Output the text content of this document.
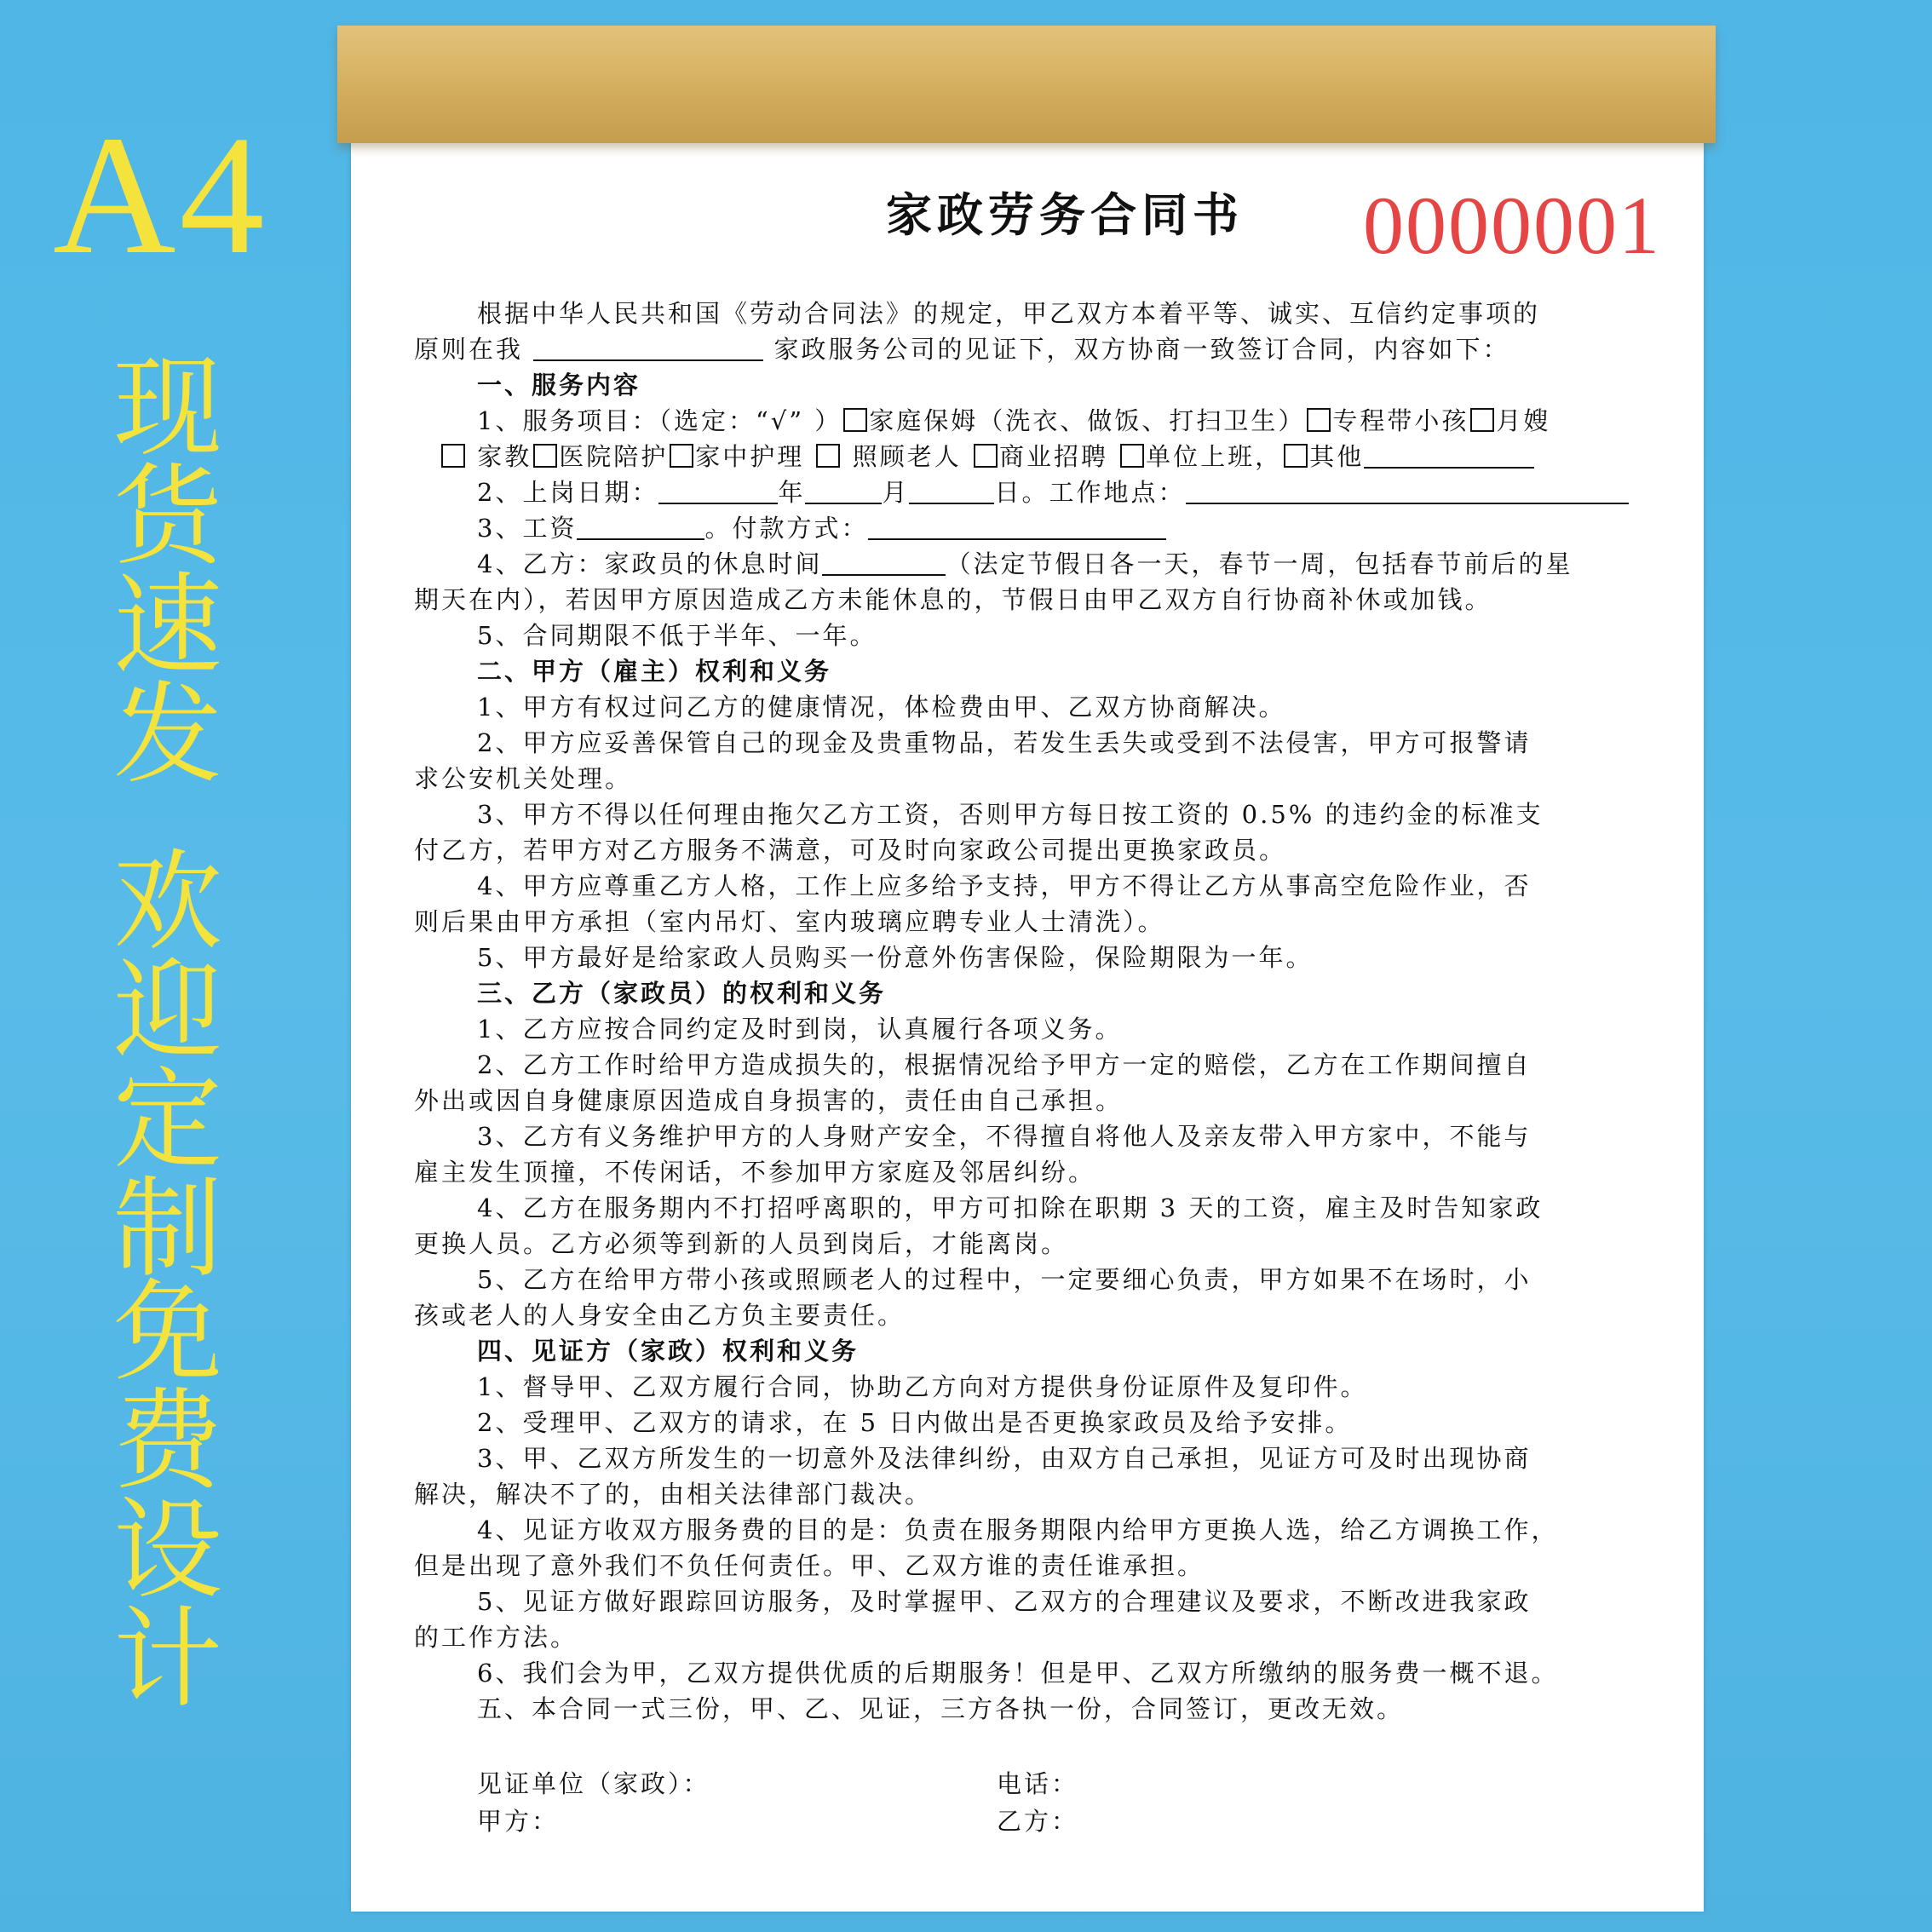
A4
现货速发
欢迎定制
免费设计
家政劳务合同书 0000001
根据中华人民共和国《劳动合同法》的规定，甲乙双方本着平等、诚实、互信约定事项的
原则在我	家政服务公司的见证下，双方协商一致签订合同，内容如下：
一、服务内容
1、服务项目：（选定：“√” ） 家庭保姆（洗衣、做饭、打扫卫生） 专程带小孩 月嫂
家教 医院陪护 家中护理 照顾老人 商业招聘 单位上班， 其他
2、上岗日期：	年	月	日。工作地点：
3、工资	。付款方式：
4、乙方：家政员的休息时间	（法定节假日各一天，春节一周，包括春节前后的星
期天在内），若因甲方原因造成乙方未能休息的，节假日由甲乙双方自行协商补休或加钱。
5、合同期限不低于半年、一年。
二、甲方（雇主）权利和义务
1、甲方有权过问乙方的健康情况，体检费由甲、乙双方协商解决。
2、甲方应妥善保管自己的现金及贵重物品，若发生丢失或受到不法侵害，甲方可报警请
求公安机关处理。
3、甲方不得以任何理由拖欠乙方工资，否则甲方每日按工资的 0.5% 的违约金的标准支
付乙方，若甲方对乙方服务不满意，可及时向家政公司提出更换家政员。
4、甲方应尊重乙方人格，工作上应多给予支持，甲方不得让乙方从事高空危险作业，否
则后果由甲方承担（室内吊灯、室内玻璃应聘专业人士清洗）。
5、甲方最好是给家政人员购买一份意外伤害保险，保险期限为一年。
三、乙方（家政员）的权利和义务
1、乙方应按合同约定及时到岗，认真履行各项义务。
2、乙方工作时给甲方造成损失的，根据情况给予甲方一定的赔偿，乙方在工作期间擅自
外出或因自身健康原因造成自身损害的，责任由自己承担。
3、乙方有义务维护甲方的人身财产安全，不得擅自将他人及亲友带入甲方家中，不能与
雇主发生顶撞，不传闲话，不参加甲方家庭及邻居纠纷。
4、乙方在服务期内不打招呼离职的，甲方可扣除在职期 3 天的工资，雇主及时告知家政
更换人员。乙方必须等到新的人员到岗后，才能离岗。
5、乙方在给甲方带小孩或照顾老人的过程中，一定要细心负责，甲方如果不在场时，小
孩或老人的人身安全由乙方负主要责任。
四、见证方（家政）权利和义务
1、督导甲、乙双方履行合同，协助乙方向对方提供身份证原件及复印件。
2、受理甲、乙双方的请求，在 5 日内做出是否更换家政员及给予安排。
3、甲、乙双方所发生的一切意外及法律纠纷，由双方自己承担，见证方可及时出现协商
解决，解决不了的，由相关法律部门裁决。
4、见证方收双方服务费的目的是：负责在服务期限内给甲方更换人选，给乙方调换工作，
但是出现了意外我们不负任何责任。甲、乙双方谁的责任谁承担。
5、见证方做好跟踪回访服务，及时掌握甲、乙双方的合理建议及要求，不断改进我家政
的工作方法。
6、我们会为甲，乙双方提供优质的后期服务！但是甲、乙双方所缴纳的服务费一概不退。
五、本合同一式三份，甲、乙、见证，三方各执一份，合同签订，更改无效。
见证单位（家政）：	电话：
甲方：	乙方：
